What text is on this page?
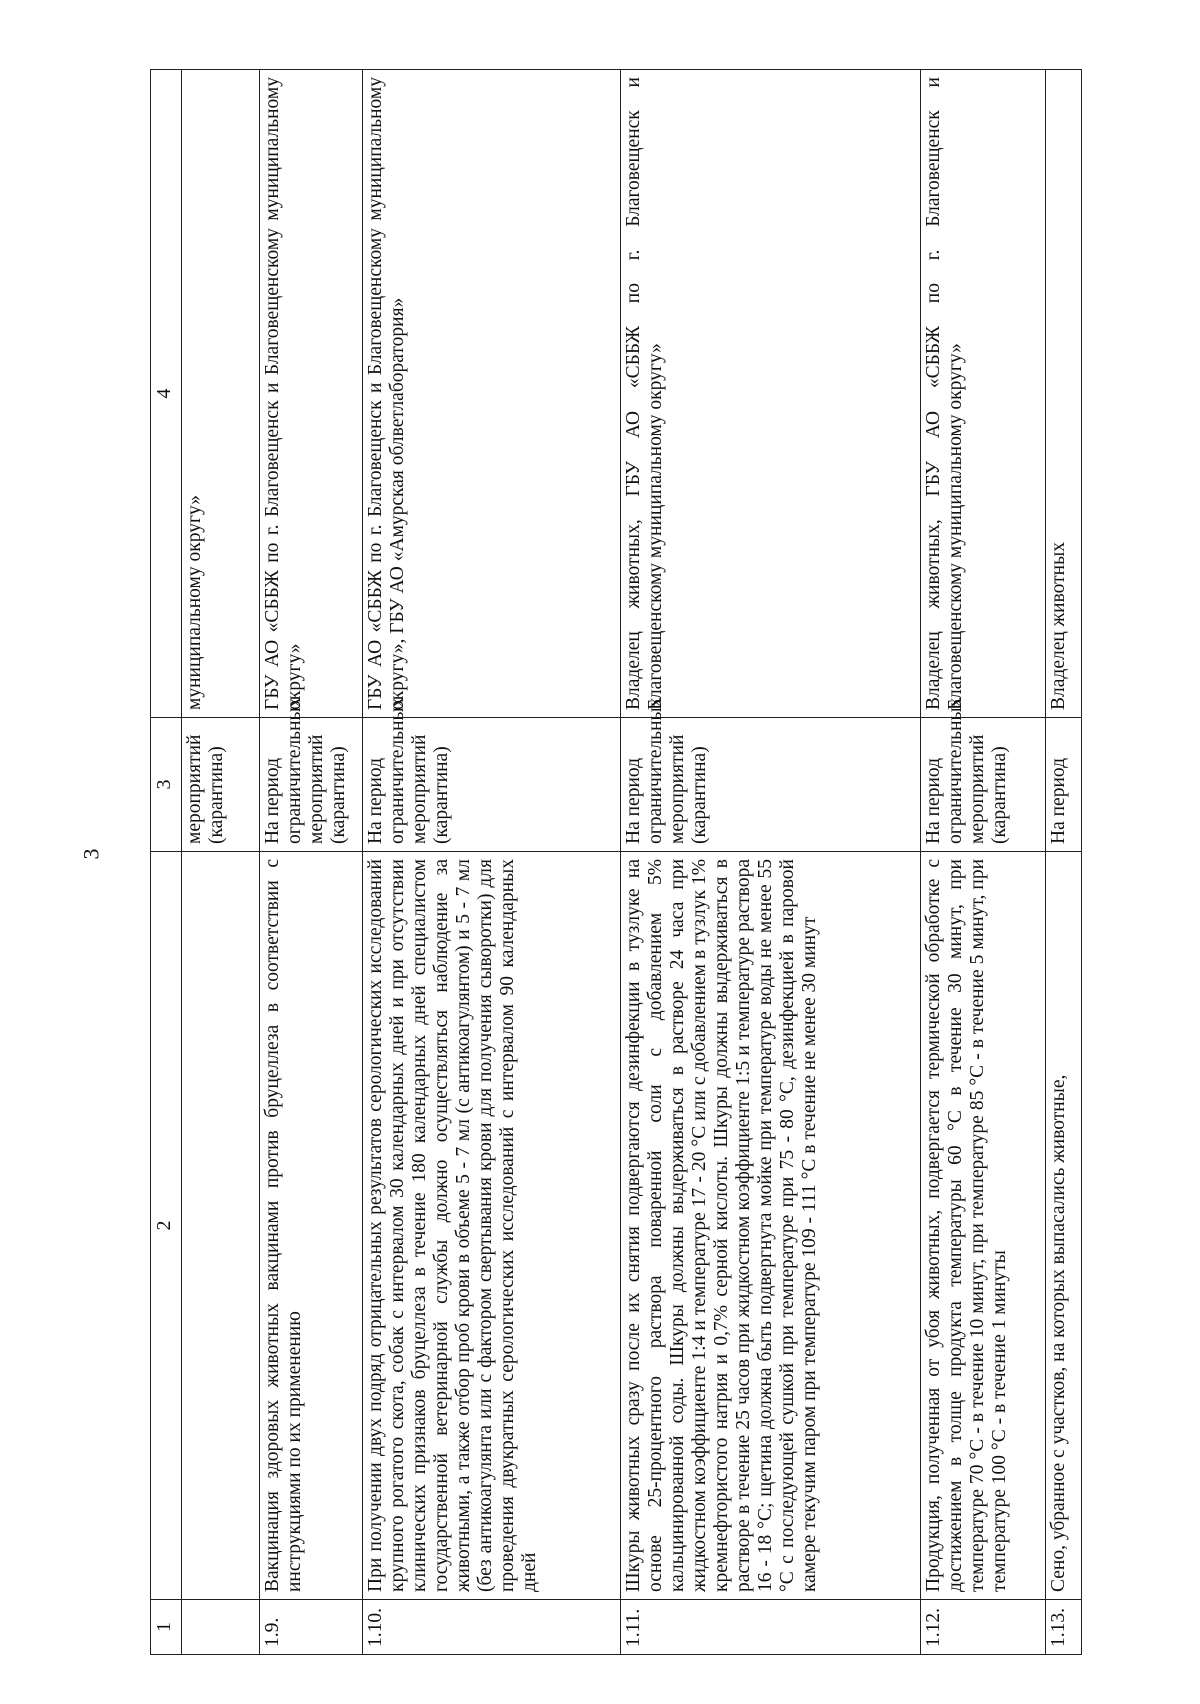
3
1	2	3	4
		мероприятий (карантина)	муниципальному округу»
1.9.	Вакцинация здоровых животных вакцинами против бруцеллеза в соответствии с инструкциями по их применению	На период ограничительных мероприятий (карантина)	ГБУ АО «СББЖ по г. Благовещенск и Благовещенскому муниципальному округу»
1.10.	При получении двух подряд отрицательных результатов серологических исследований крупного рогатого скота, собак с интервалом 30 календарных дней и при отсутствии клинических признаков бруцеллеза в течение 180 календарных дней специалистом государственной ветеринарной службы должно осуществляться наблюдение за животными, а также отбор проб крови в объеме 5 - 7 мл (с антикоагулянтом) и 5 - 7 мл (без антикоагулянта или с фактором свертывания крови для получения сыворотки) для проведения двукратных серологических исследований с интервалом 90 календарных дней	На период ограничительных мероприятий (карантина)	ГБУ АО «СББЖ по г. Благовещенск и Благовещенскому муниципальному округу», ГБУ АО «Амурская облветлаборатория»
1.11.	Шкуры животных сразу после их снятия подвергаются дезинфекции в тузлуке на основе 25-процентного раствора поваренной соли с добавлением 5% кальцинированной соды. Шкуры должны выдерживаться в растворе 24 часа при жидкостном коэффициенте 1:4 и температуре 17 - 20 °С или с добавлением в тузлук 1% кремнефтористого натрия и 0,7% серной кислоты. Шкуры должны выдерживаться в растворе в течение 25 часов при жидкостном коэффициенте 1:5 и температуре раствора 16 - 18 °С; щетина должна быть подвергнута мойке при температуре воды не менее 55 °С с последующей сушкой при температуре при 75 - 80 °С, дезинфекцией в паровой камере текучим паром при температуре 109 - 111 °С в течение не менее 30 минут	На период ограничительных мероприятий (карантина)	Владелец животных, ГБУ АО «СББЖ по г. Благовещенск и Благовещенскому муниципальному округу»
1.12.	Продукция, полученная от убоя животных, подвергается термической обработке с достижением в толще продукта температуры 60 °С в течение 30 минут, при температуре 70 °С - в течение 10 минут, при температуре 85 °С - в течение 5 минут, при температуре 100 °С - в течение 1 минуты	На период ограничительных мероприятий (карантина)	Владелец животных, ГБУ АО «СББЖ по г. Благовещенск и Благовещенскому муниципальному округу»
1.13.	Сено, убранное с участков, на которых выпасались животные,	На период	Владелец животных
